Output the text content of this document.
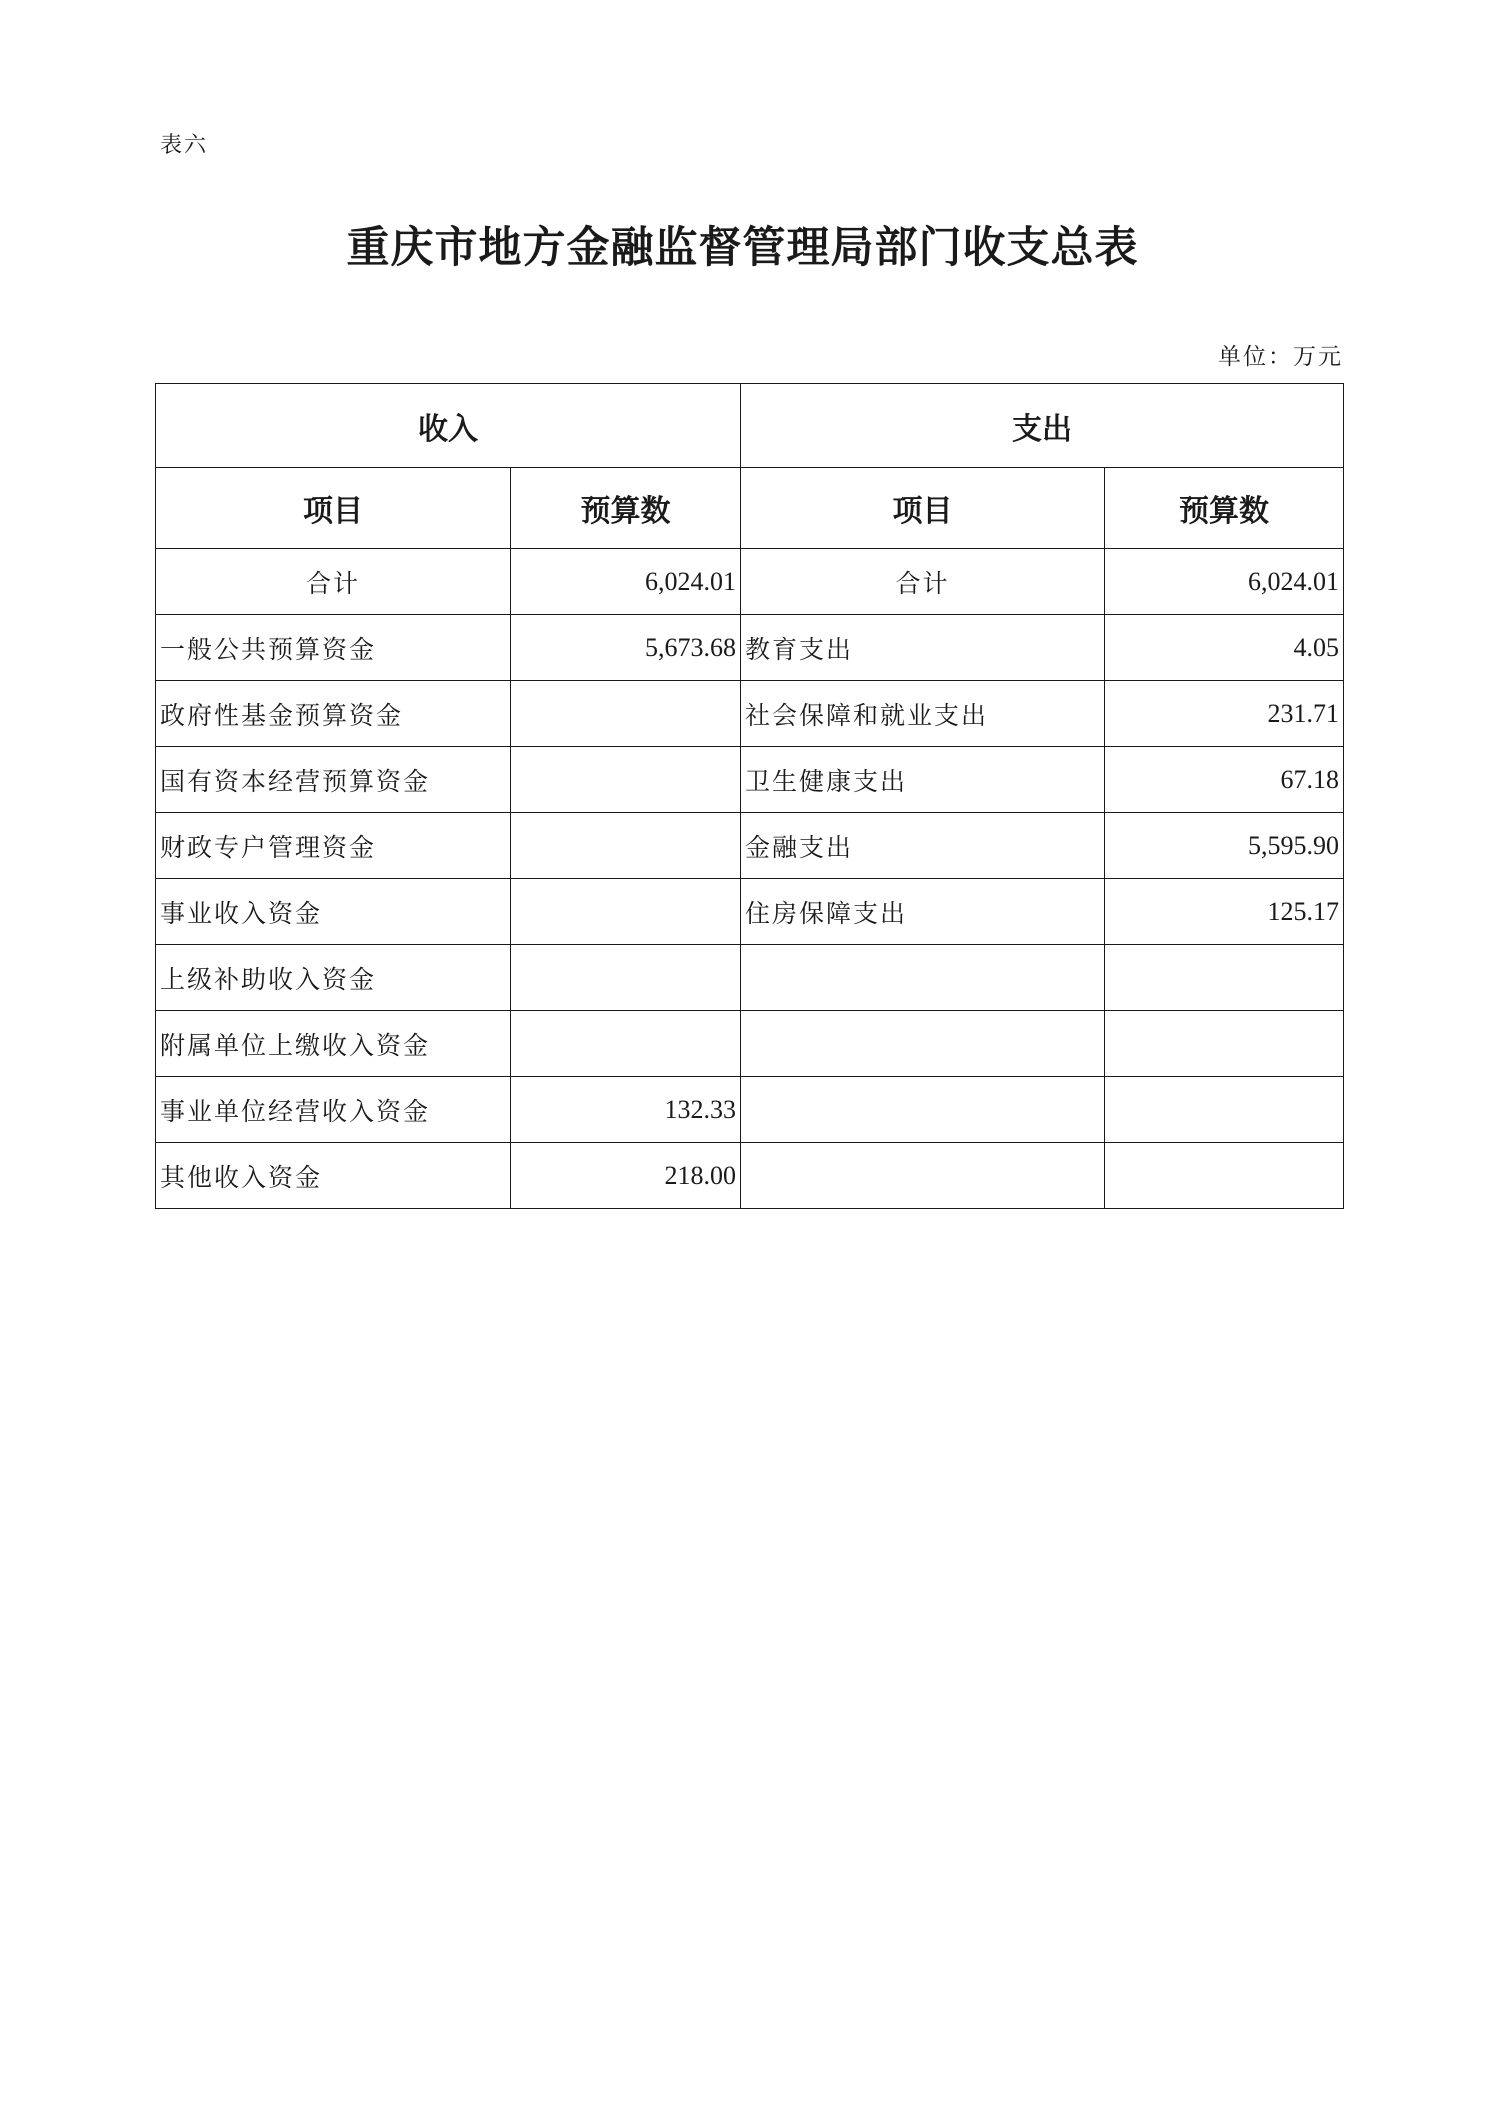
表六
重庆市地方金融监督管理局部门收支总表
单位：万元
收入		支出	
项目	预算数	项目	预算数
合计	6,024.01	合计	6,024.01
一般公共预算资金	5,673.68	教育支出	4.05
政府性基金预算资金		社会保障和就业支出	231.71
国有资本经营预算资金		卫生健康支出	67.18
财政专户管理资金		金融支出	5,595.90
事业收入资金		住房保障支出	125.17
上级补助收入资金			
附属单位上缴收入资金			
事业单位经营收入资金	132.33		
其他收入资金	218.00		
